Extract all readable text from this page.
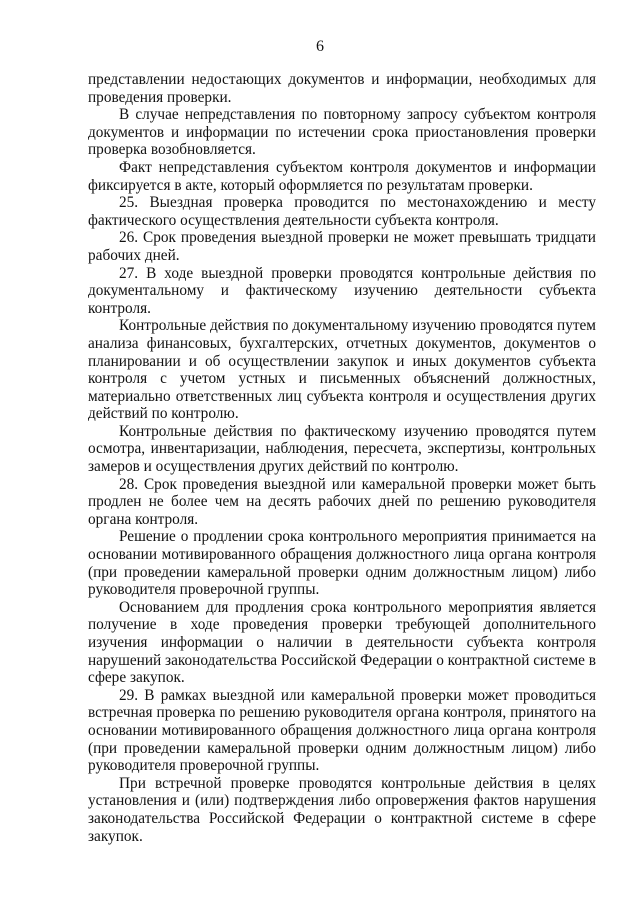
6

представлении недостающих документов и информации, необходимых для проведения проверки.

В случае непредставления по повторному запросу субъектом контроля документов и информации по истечении срока приостановления проверки проверка возобновляется.

Факт непредставления субъектом контроля документов и информации фиксируется в акте, который оформляется по результатам проверки.

25. Выездная проверка проводится по местонахождению и месту фактического осуществления деятельности субъекта контроля.

26. Срок проведения выездной проверки не может превышать тридцати рабочих дней.

27. В ходе выездной проверки проводятся контрольные действия по документальному и фактическому изучению деятельности субъекта контроля.

Контрольные действия по документальному изучению проводятся путем анализа финансовых, бухгалтерских, отчетных документов, документов о планировании и об осуществлении закупок и иных документов субъекта контроля с учетом устных и письменных объяснений должностных, материально ответственных лиц субъекта контроля и осуществления других действий по контролю.

Контрольные действия по фактическому изучению проводятся путем осмотра, инвентаризации, наблюдения, пересчета, экспертизы, контрольных замеров и осуществления других действий по контролю.

28. Срок проведения выездной или камеральной проверки может быть продлен не более чем на десять рабочих дней по решению руководителя органа контроля.

Решение о продлении срока контрольного мероприятия принимается на основании мотивированного обращения должностного лица органа контроля (при проведении камеральной проверки одним должностным лицом) либо руководителя проверочной группы.

Основанием для продления срока контрольного мероприятия является получение в ходе проведения проверки требующей дополнительного изучения информации о наличии в деятельности субъекта контроля нарушений законодательства Российской Федерации о контрактной системе в сфере закупок.

29. В рамках выездной или камеральной проверки может проводиться встречная проверка по решению руководителя органа контроля, принятого на основании мотивированного обращения должностного лица органа контроля (при проведении камеральной проверки одним должностным лицом) либо руководителя проверочной группы.

При встречной проверке проводятся контрольные действия в целях установления и (или) подтверждения либо опровержения фактов нарушения законодательства Российской Федерации о контрактной системе в сфере закупок.
